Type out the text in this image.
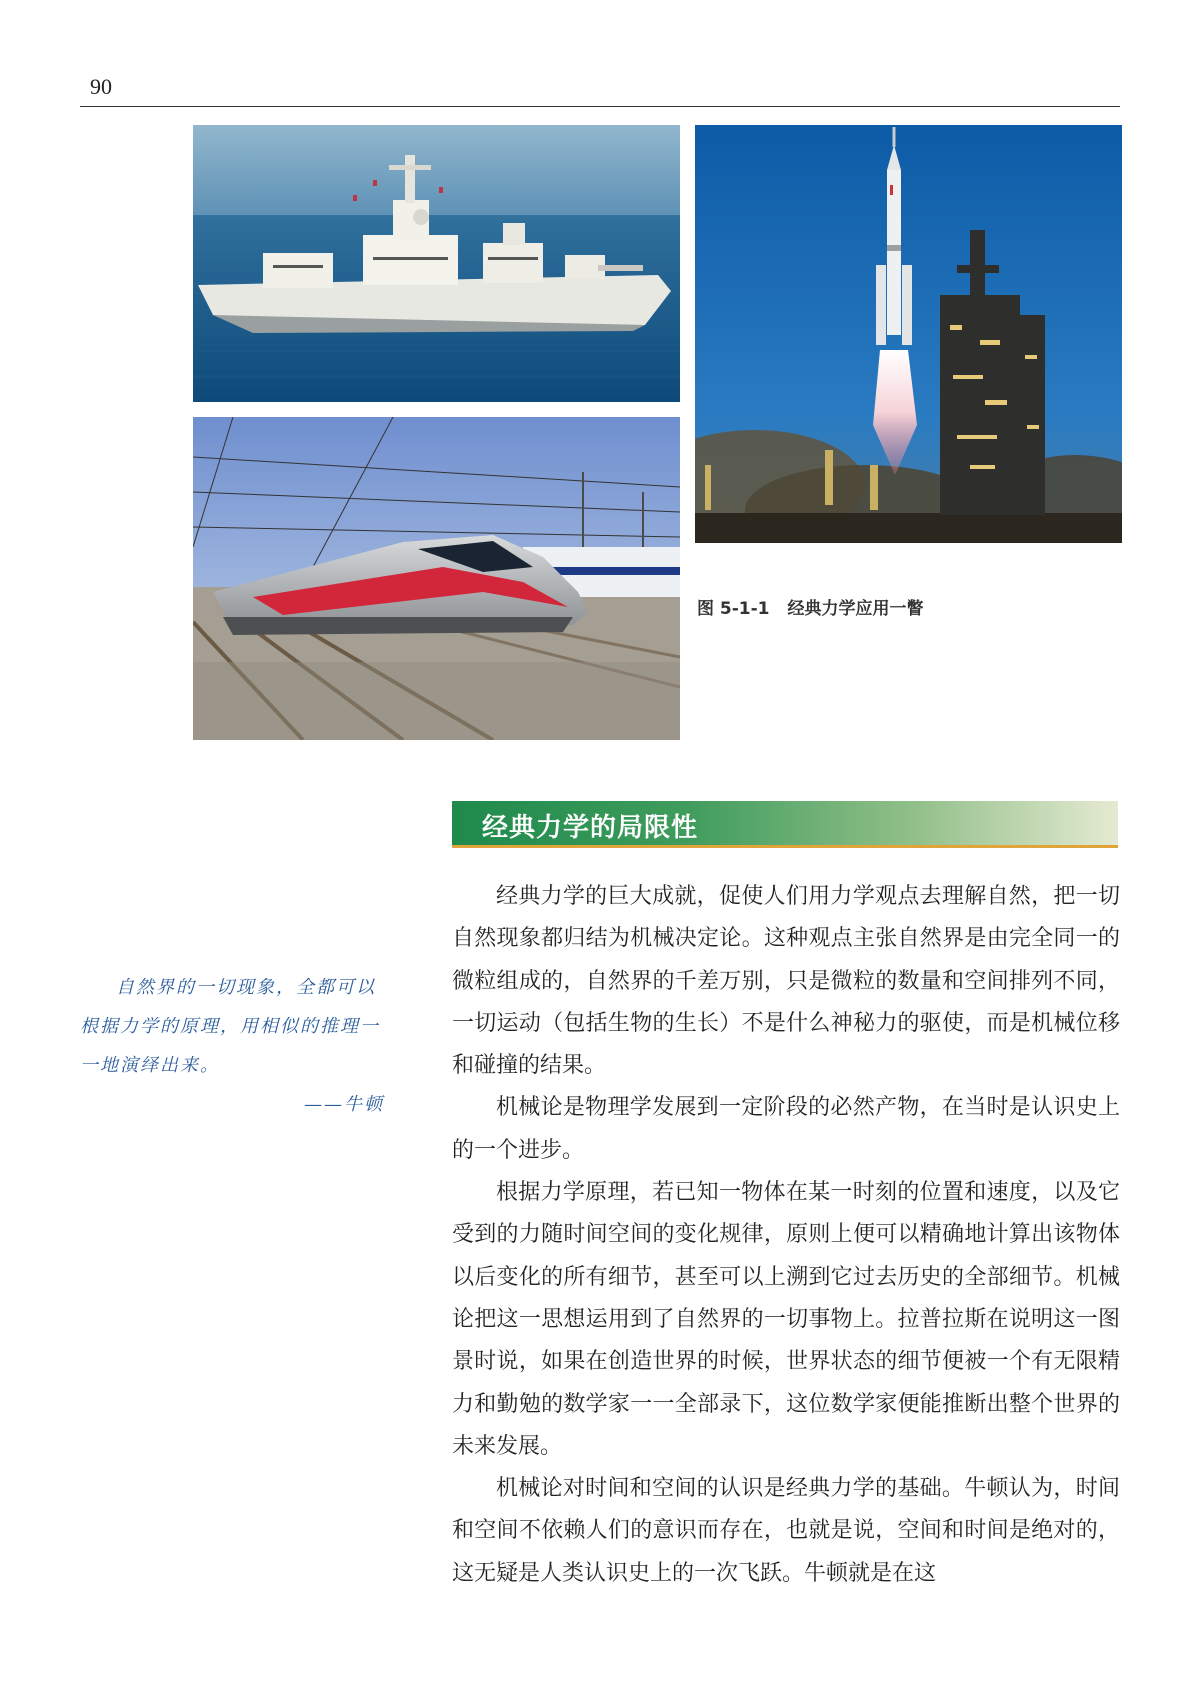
90
图 5-1-1 经典力学应用一瞥
经典力学的局限性

自然界的一切现象，全都可以根据力学的原理，用相似的推理一一地演绎出来。

——牛顿

经典力学的巨大成就，促使人们用力学观点去理解自然，把一切自然现象都归结为机械决定论。这种观点主张自然界是由完全同一的微粒组成的，自然界的千差万别，只是微粒的数量和空间排列不同，一切运动（包括生物的生长）不是什么神秘力的驱使，而是机械位移和碰撞的结果。

机械论是物理学发展到一定阶段的必然产物，在当时是认识史上的一个进步。

根据力学原理，若已知一物体在某一时刻的位置和速度，以及它受到的力随时间空间的变化规律，原则上便可以精确地计算出该物体以后变化的所有细节，甚至可以上溯到它过去历史的全部细节。机械论把这一思想运用到了自然界的一切事物上。拉普拉斯在说明这一图景时说，如果在创造世界的时候，世界状态的细节便被一个有无限精力和勤勉的数学家一一全部录下，这位数学家便能推断出整个世界的未来发展。

机械论对时间和空间的认识是经典力学的基础。牛顿认为，时间和空间不依赖人们的意识而存在，也就是说，空间和时间是绝对的，这无疑是人类认识史上的一次飞跃。牛顿就是在这
